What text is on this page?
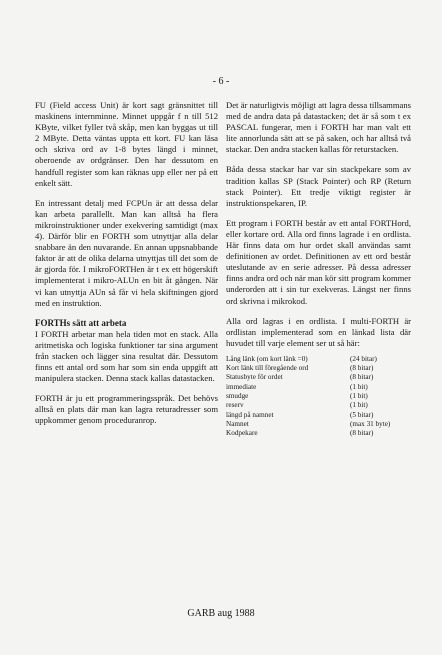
- 6 -

FU (Field access Unit) är kort sagt gränsnittet till maskinens internminne. Minnet uppgår f n till 512 KByte, vilket fyller två skåp, men kan byggas ut till 2 MByte. Detta väntas uppta ett kort. FU kan läsa och skriva ord av 1-8 bytes längd i minnet, oberoende av ordgränser. Den har dessutom en handfull register som kan räknas upp eller ner på ett enkelt sätt.

En intressant detalj med FCPUn är att dessa delar kan arbeta parallellt. Man kan alltså ha flera mikroinstruktioner under exekvering samtidigt (max 4). Därför blir en FORTH som utnyttjar alla delar snabbare än den nuvarande. En annan uppsnabbande faktor är att de olika delarna utnyttjas till det som de är gjorda för. I mikroFORTHen är t ex ett högerskift implementerat i mikro-ALUn en bit åt gången. När vi kan utnyttja AUn så får vi hela skiftningen gjord med en instruktion.

FORTHs sätt att arbeta

I FORTH arbetar man hela tiden mot en stack. Alla aritmetiska och logiska funktioner tar sina argument från stacken och lägger sina resultat där. Dessutom finns ett antal ord som har som sin enda uppgift att manipulera stacken. Denna stack kallas datastacken.

FORTH är ju ett programmeringsspråk. Det behövs alltså en plats där man kan lagra returadresser som uppkommer genom proceduranrop.

Det är naturligtvis möjligt att lagra dessa tillsammans med de andra data på datastacken; det är så som t ex PASCAL fungerar, men i FORTH har man valt ett lite annorlunda sätt att se på saken, och har alltså två stackar. Den andra stacken kallas för returstacken.

Båda dessa stackar har var sin stackpekare som av tradition kallas SP (Stack Pointer) och RP (Return stack Pointer). Ett tredje viktigt register är instruktionspekaren, IP.

Ett program i FORTH består av ett antal FORTHord, eller kortare ord. Alla ord finns lagrade i en ordlista. Här finns data om hur ordet skall användas samt definitionen av ordet. Definitionen av ett ord består uteslutande av en serie adresser. På dessa adresser finns andra ord och när man kör sitt program kommer underorden att i sin tur exekveras. Längst ner finns ord skrivna i mikrokod.

Alla ord lagras i en ordlista. I multi-FORTH är ordlistan implementerad som en länkad lista där huvudet till varje element ser ut så här:

Lång länk (om kort länk =0)	(24 bitar)
Kort länk till föregående ord	(8 bitar)
Statusbyte för ordet	(8 bitar)
immediate	(1 bit)
smudge	(1 bit)
reserv	(1 bit)
längd på namnet	(5 bitar)
Namnet	(max 31 byte)
Kodpekare	(8 bitar)
GARB aug 1988
